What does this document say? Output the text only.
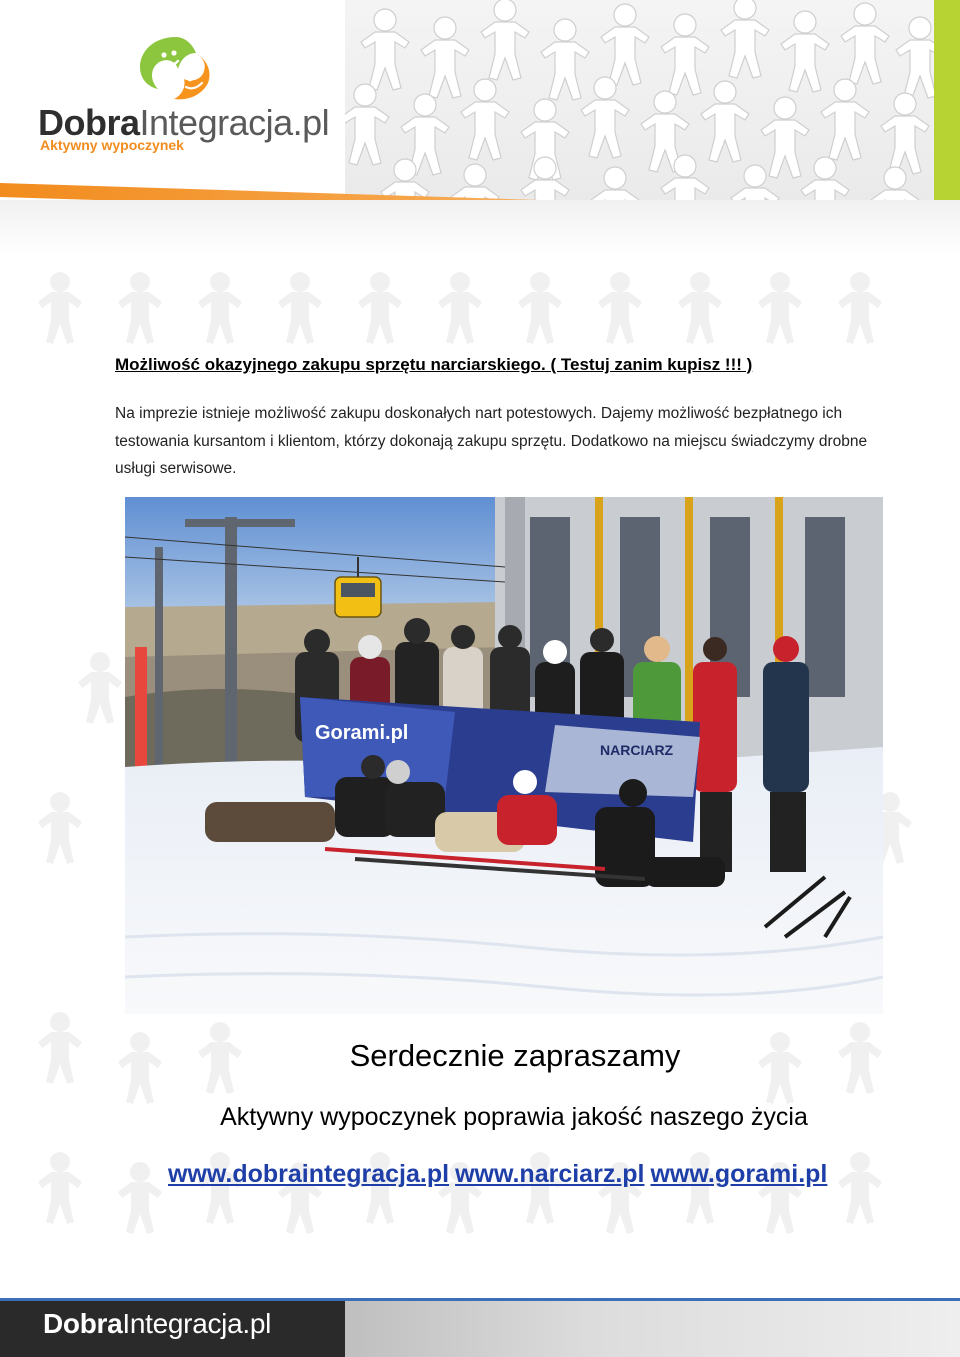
DobraIntegracja.pl
Aktywny wypoczynek
Możliwość okazyjnego zakupu sprzętu narciarskiego. ( Testuj zanim kupisz !!! )
Na imprezie istnieje możliwość zakupu doskonałych nart potestowych. Dajemy możliwość bezpłatnego ich testowania kursantom i klientom, którzy dokonają zakupu sprzętu. Dodatkowo na miejscu świadczymy drobne usługi serwisowe.
Gorami.pl
NARCIARZ
Serdecznie zapraszamy
Aktywny wypoczynek poprawia jakość naszego życia
www.dobraintegracja.pl www.narciarz.pl www.gorami.pl
DobraIntegracja.pl
